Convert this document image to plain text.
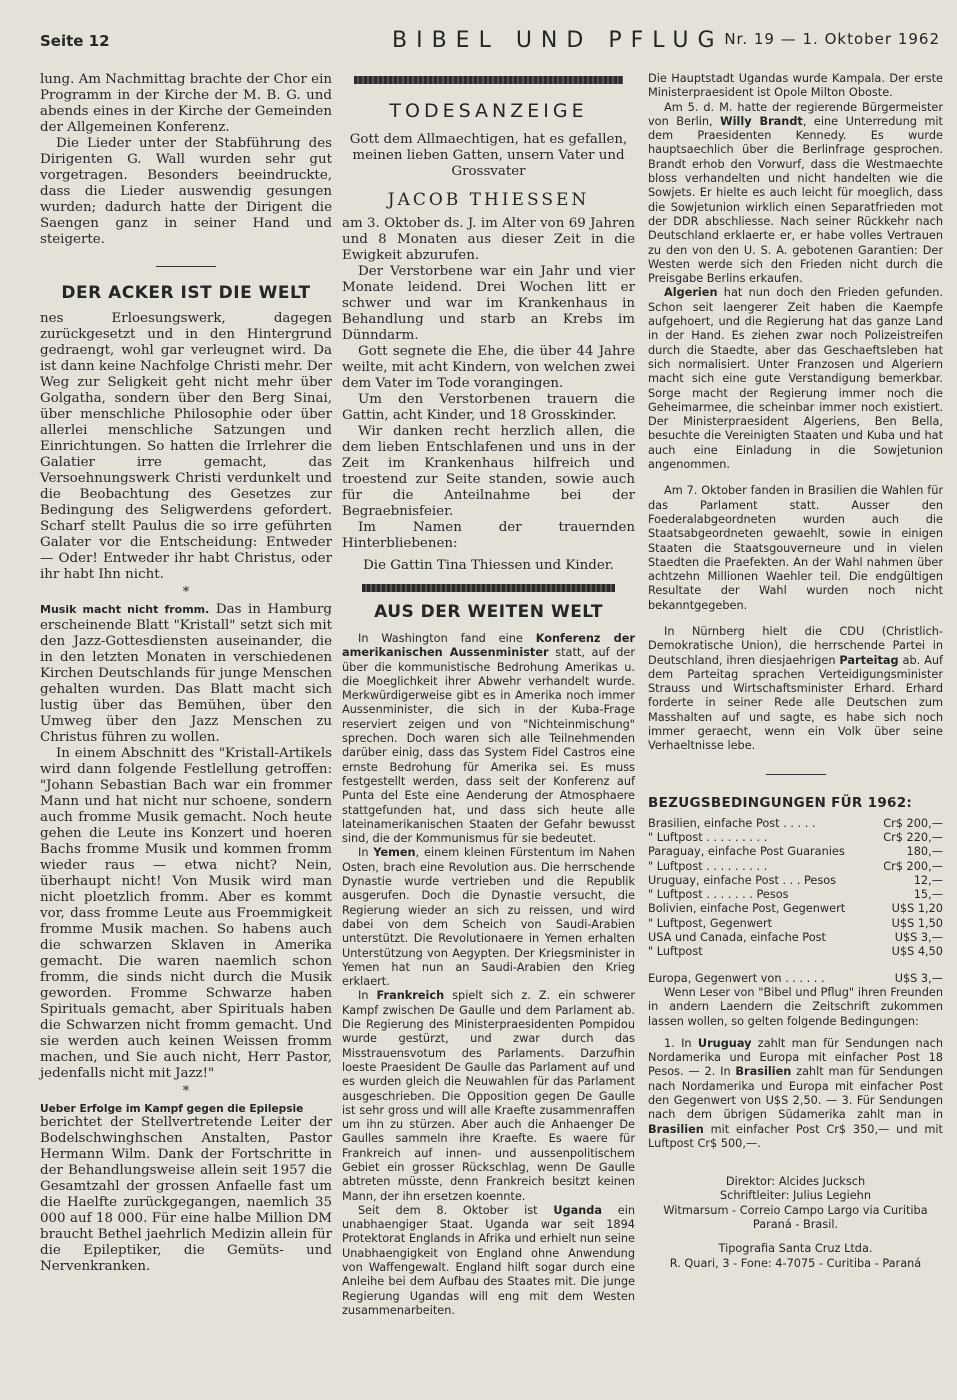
Seite 12	BIBEL UND PFLUG Nr. 19 — 1. Oktober 1962

lung. Am Nachmittag brachte der Chor ein Programm in der Kirche der M. B. G. und abends eines in der Kirche der Gemeinden der Allgemeinen Konferenz.

Die Lieder unter der Stabführung des Dirigenten G. Wall wurden sehr gut vorgetragen. Besonders beeindruckte, dass die Lieder auswendig gesungen wurden; dadurch hatte der Dirigent die Saengen ganz in seiner Hand und steigerte.

DER ACKER IST DIE WELT

nes Erloesungswerk, dagegen zurückgesetzt und in den Hintergrund gedraengt, wohl gar verleugnet wird. Da ist dann keine Nachfolge Christi mehr. Der Weg zur Seligkeit geht nicht mehr über Golgatha, sondern über den Berg Sinai, über menschliche Philosophie oder über allerlei menschliche Satzungen und Einrichtungen. So hatten die Irrlehrer die Galatier irre gemacht, das Versoehnungswerk Christi verdunkelt und die Beobachtung des Gesetzes zur Bedingung des Seligwerdens gefordert. Scharf stellt Paulus die so irre geführten Galater vor die Entscheidung: Entweder — Oder! Entweder ihr habt Christus, oder ihr habt Ihn nicht.

*

Musik macht nicht fromm. Das in Hamburg erscheinende Blatt "Kristall" setzt sich mit den Jazz-Gottesdiensten auseinander, die in den letzten Monaten in verschiedenen Kirchen Deutschlands für junge Menschen gehalten wurden. Das Blatt macht sich lustig über das Bemühen, über den Umweg über den Jazz Menschen zu Christus führen zu wollen.

In einem Abschnitt des "Kristall-Artikels wird dann folgende Festlellung getroffen: "Johann Sebastian Bach war ein frommer Mann und hat nicht nur schoene, sondern auch fromme Musik gemacht. Noch heute gehen die Leute ins Konzert und hoeren Bachs fromme Musik und kommen fromm wieder raus — etwa nicht? Nein, überhaupt nicht! Von Musik wird man nicht ploetzlich fromm. Aber es kommt vor, dass fromme Leute aus Froemmigkeit fromme Musik machen. So habens auch die schwarzen Sklaven in Amerika gemacht. Die waren naemlich schon fromm, die sinds nicht durch die Musik geworden. Fromme Schwarze haben Spirituals gemacht, aber Spirituals haben die Schwarzen nicht fromm gemacht. Und sie werden auch keinen Weissen fromm machen, und Sie auch nicht, Herr Pastor, jedenfalls nicht mit Jazz!"

*

Ueber Erfolge im Kampf gegen die Epilepsie

berichtet der Stellvertretende Leiter der Bodelschwinghschen Anstalten, Pastor Hermann Wilm. Dank der Fortschritte in der Behandlungsweise allein seit 1957 die Gesamtzahl der grossen Anfaelle fast um die Haelfte zurückgegangen, naemlich 35 000 auf 18 000. Für eine halbe Million DM braucht Bethel jaehrlich Medizin allein für die Epileptiker, die Gemüts- und Nervenkranken.

TODESANZEIGE

Gott dem Allmaechtigen, hat es gefallen, meinen lieben Gatten, unsern Vater und Grossvater

JACOB THIESSEN

am 3. Oktober ds. J. im Alter von 69 Jahren und 8 Monaten aus dieser Zeit in die Ewigkeit abzurufen.

Der Verstorbene war ein Jahr und vier Monate leidend. Drei Wochen litt er schwer und war im Krankenhaus in Behandlung und starb an Krebs im Dünndarm.

Gott segnete die Ehe, die über 44 Jahre weilte, mit acht Kindern, von welchen zwei dem Vater im Tode vorangingen.

Um den Verstorbenen trauern die Gattin, acht Kinder, und 18 Grosskinder.

Wir danken recht herzlich allen, die dem lieben Entschlafenen und uns in der Zeit im Krankenhaus hilfreich und troestend zur Seite standen, sowie auch für die Anteilnahme bei der Begraebnisfeier.

Im Namen der trauernden Hinterbliebenen:

Die Gattin Tina Thiessen und Kinder.

AUS DER WEITEN WELT

In Washington fand eine Konferenz der amerikanischen Aussenminister statt, auf der über die kommunistische Bedrohung Amerikas u. die Moeglichkeit ihrer Abwehr verhandelt wurde. Merkwürdigerweise gibt es in Amerika noch immer Aussenminister, die sich in der Kuba-Frage reserviert zeigen und von "Nichteinmischung" sprechen. Doch waren sich alle Teilnehmenden darüber einig, dass das System Fidel Castros eine ernste Bedrohung für Amerika sei. Es muss festgestellt werden, dass seit der Konferenz auf Punta del Este eine Aenderung der Atmosphaere stattgefunden hat, und dass sich heute alle lateinamerikanischen Staaten der Gefahr bewusst sind, die der Kommunismus für sie bedeutet.

In Yemen, einem kleinen Fürstentum im Nahen Osten, brach eine Revolution aus. Die herrschende Dynastie wurde vertrieben und die Republik ausgerufen. Doch die Dynastie versucht, die Regierung wieder an sich zu reissen, und wird dabei von dem Scheich von Saudi-Arabien unterstützt. Die Revolutionaere in Yemen erhalten Unterstützung von Aegypten. Der Kriegsminister in Yemen hat nun an Saudi-Arabien den Krieg erklaert.

In Frankreich spielt sich z. Z. ein schwerer Kampf zwischen De Gaulle und dem Parlament ab. Die Regierung des Ministerpraesidenten Pompidou wurde gestürzt, und zwar durch das Misstrauensvotum des Parlaments. Darzufhin loeste Praesident De Gaulle das Parlament auf und es wurden gleich die Neuwahlen für das Parlament ausgeschrieben. Die Opposition gegen De Gaulle ist sehr gross und will alle Kraefte zusammenraffen um ihn zu stürzen. Aber auch die Anhaenger De Gaulles sammeln ihre Kraefte. Es waere für Frankreich auf innen- und aussenpolitischem Gebiet ein grosser Rückschlag, wenn De Gaulle abtreten müsste, denn Frankreich besitzt keinen Mann, der ihn ersetzen koennte.

Seit dem 8. Oktober ist Uganda ein unabhaengiger Staat. Uganda war seit 1894 Protektorat Englands in Afrika und erhielt nun seine Unabhaengigkeit von England ohne Anwendung von Waffengewalt. England hilft sogar durch eine Anleihe bei dem Aufbau des Staates mit. Die junge Regierung Ugandas will eng mit dem Westen zusammenarbeiten.

Die Hauptstadt Ugandas wurde Kampala. Der erste Ministerpraesident ist Opole Milton Oboste.

Am 5. d. M. hatte der regierende Bürgermeister von Berlin, Willy Brandt, eine Unterredung mit dem Praesidenten Kennedy. Es wurde hauptsaechlich über die Berlinfrage gesprochen. Brandt erhob den Vorwurf, dass die Westmaechte bloss verhandelten und nicht handelten wie die Sowjets. Er hielte es auch leicht für moeglich, dass die Sowjetunion wirklich einen Separatfrieden mot der DDR abschliesse. Nach seiner Rückkehr nach Deutschland erklaerte er, er habe volles Vertrauen zu den von den U. S. A. gebotenen Garantien: Der Westen werde sich den Frieden nicht durch die Preisgabe Berlins erkaufen.

Algerien hat nun doch den Frieden gefunden. Schon seit laengerer Zeit haben die Kaempfe aufgehoert, und die Regierung hat das ganze Land in der Hand. Es ziehen zwar noch Polizeistreifen durch die Staedte, aber das Geschaeftsleben hat sich normalisiert. Unter Franzosen und Algeriern macht sich eine gute Verstandigung bemerkbar. Sorge macht der Regierung immer noch die Geheimarmee, die scheinbar immer noch existiert. Der Ministerpraesident Algeriens, Ben Bella, besuchte die Vereinigten Staaten und Kuba und hat auch eine Einladung in die Sowjetunion angenommen.

Am 7. Oktober fanden in Brasilien die Wahlen für das Parlament statt. Ausser den Foederalabgeordneten wurden auch die Staatsabgeordneten gewaehlt, sowie in einigen Staaten die Staatsgouverneure und in vielen Staedten die Praefekten. An der Wahl nahmen über achtzehn Millionen Waehler teil. Die endgültigen Resultate der Wahl wurden noch nicht bekanntgegeben.

In Nürnberg hielt die CDU (Christlich-Demokratische Union), die herrschende Partei in Deutschland, ihren diesjaehrigen Parteitag ab. Auf dem Parteitag sprachen Verteidigungsminister Strauss und Wirtschaftsminister Erhard. Erhard forderte in seiner Rede alle Deutschen zum Masshalten auf und sagte, es habe sich noch immer geraecht, wenn ein Volk über seine Verhaeltnisse lebe.

BEZUGSBEDINGUNGEN FÜR 1962:
Brasilien, einfache Post . . . . .	Cr$ 200,—
" Luftpost . . . . . . . . .	Cr$ 220,—
Paraguay, einfache Post Guaranies	180,—
" Luftpost . . . . . . . . .	Cr$ 200,—
Uruguay, einfache Post . . . Pesos	12,—
" Luftpost . . . . . . . Pesos	15,—
Bolivien, einfache Post, Gegenwert	U$S 1,20
" Luftpost, Gegenwert	U$S 1,50
USA und Canada, einfache Post	U$S 3,—
" Luftpost	U$S 4,50
Europa, Gegenwert von . . . . . .	U$S 3,—

Wenn Leser von "Bibel und Pflug" ihren Freunden in andern Laendern die Zeitschrift zukommen lassen wollen, so gelten folgende Bedingungen:

1. In Uruguay zahlt man für Sendungen nach Nordamerika und Europa mit einfacher Post 18 Pesos. — 2. In Brasilien zahlt man für Sendungen nach Nordamerika und Europa mit einfacher Post den Gegenwert von U$S 2,50. — 3. Für Sendungen nach dem übrigen Südamerika zahlt man in Brasilien mit einfacher Post Cr$ 350,— und mit Luftpost Cr$ 500,—.

Direktor: Alcides Jucksch
Schriftleiter: Julius Legiehn
Witmarsum - Correio Campo Largo via Curitiba
Paraná - Brasil.
Tipografia Santa Cruz Ltda.
R. Quari, 3 - Fone: 4-7075 - Curitiba - Paraná
